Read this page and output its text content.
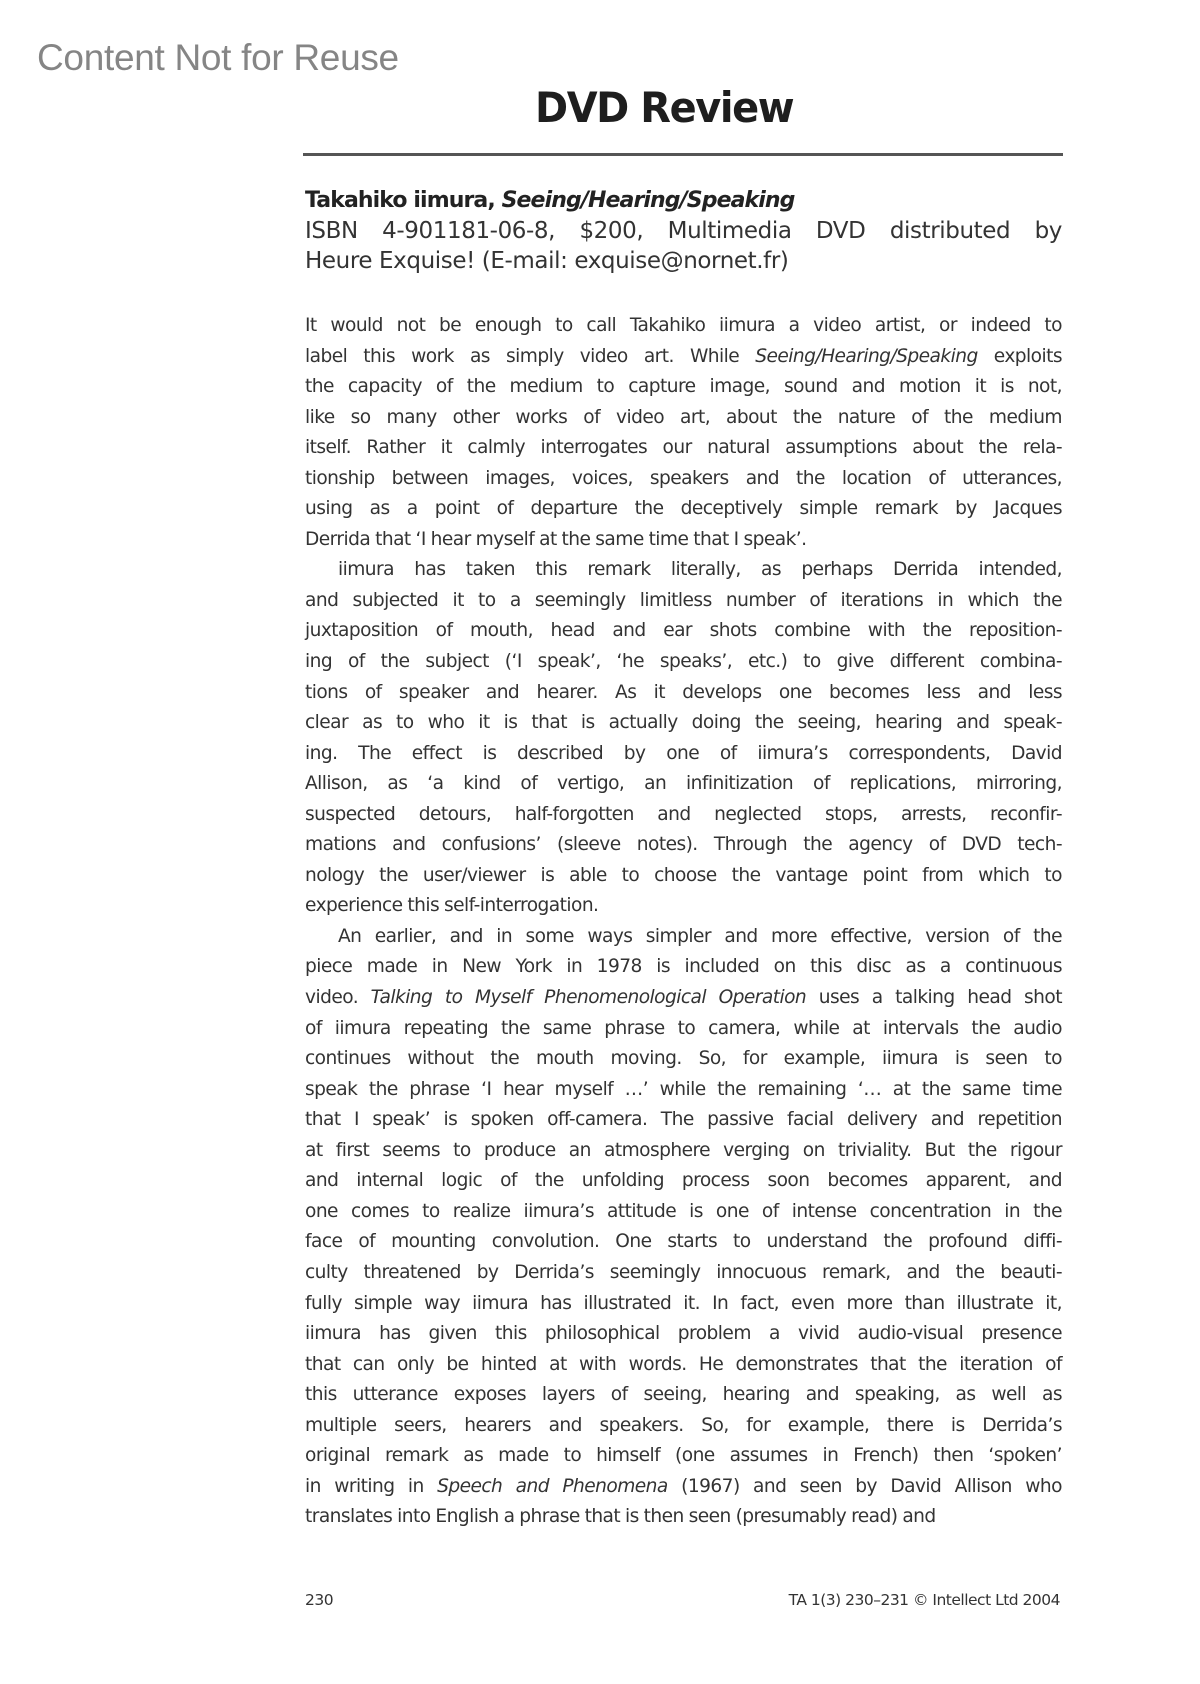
Content Not for Reuse
DVD Review
Takahiko iimura, Seeing/Hearing/Speaking
ISBN 4-901181-06-8, $200, Multimedia DVD distributed by
Heure Exquise! (E-mail: exquise@nornet.fr)
It would not be enough to call Takahiko iimura a video artist, or indeed to
label this work as simply video art. While Seeing/Hearing/Speaking exploits
the capacity of the medium to capture image, sound and motion it is not,
like so many other works of video art, about the nature of the medium
itself. Rather it calmly interrogates our natural assumptions about the rela-
tionship between images, voices, speakers and the location of utterances,
using as a point of departure the deceptively simple remark by Jacques
Derrida that ‘I hear myself at the same time that I speak’.
iimura has taken this remark literally, as perhaps Derrida intended,
and subjected it to a seemingly limitless number of iterations in which the
juxtaposition of mouth, head and ear shots combine with the reposition-
ing of the subject (‘I speak’, ‘he speaks’, etc.) to give different combina-
tions of speaker and hearer. As it develops one becomes less and less
clear as to who it is that is actually doing the seeing, hearing and speak-
ing. The effect is described by one of iimura’s correspondents, David
Allison, as ‘a kind of vertigo, an infinitization of replications, mirroring,
suspected detours, half-forgotten and neglected stops, arrests, reconfir-
mations and confusions’ (sleeve notes). Through the agency of DVD tech-
nology the user/viewer is able to choose the vantage point from which to
experience this self-interrogation.
An earlier, and in some ways simpler and more effective, version of the
piece made in New York in 1978 is included on this disc as a continuous
video. Talking to Myself Phenomenological Operation uses a talking head shot
of iimura repeating the same phrase to camera, while at intervals the audio
continues without the mouth moving. So, for example, iimura is seen to
speak the phrase ‘I hear myself …’ while the remaining ‘… at the same time
that I speak’ is spoken off-camera. The passive facial delivery and repetition
at first seems to produce an atmosphere verging on triviality. But the rigour
and internal logic of the unfolding process soon becomes apparent, and
one comes to realize iimura’s attitude is one of intense concentration in the
face of mounting convolution. One starts to understand the profound diffi-
culty threatened by Derrida’s seemingly innocuous remark, and the beauti-
fully simple way iimura has illustrated it. In fact, even more than illustrate it,
iimura has given this philosophical problem a vivid audio-visual presence
that can only be hinted at with words. He demonstrates that the iteration of
this utterance exposes layers of seeing, hearing and speaking, as well as
multiple seers, hearers and speakers. So, for example, there is Derrida’s
original remark as made to himself (one assumes in French) then ‘spoken’
in writing in Speech and Phenomena (1967) and seen by David Allison who
translates into English a phrase that is then seen (presumably read) and
230	TA 1(3) 230–231 © Intellect Ltd 2004
